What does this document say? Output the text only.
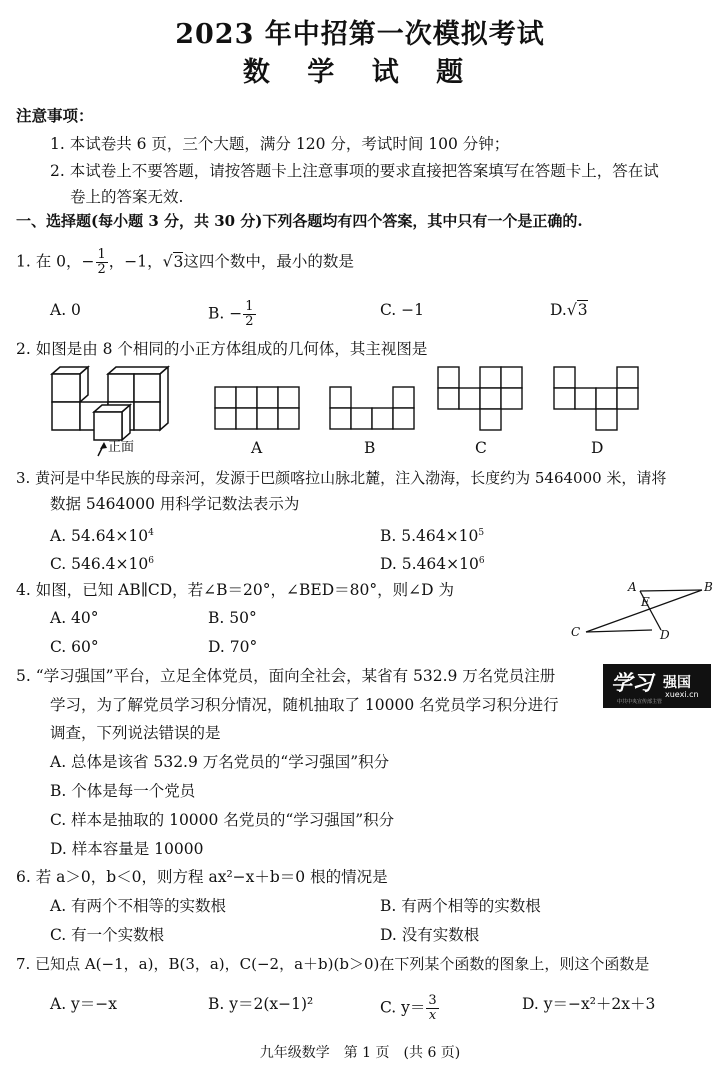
2023 年中招第一次模拟考试
数 学 试 题
注意事项：
1. 本试卷共 6 页，三个大题，满分 120 分，考试时间 100 分钟；
2. 本试卷上不要答题，请按答题卡上注意事项的要求直接把答案填写在答题卡上，答在试
卷上的答案无效.
一、选择题(每小题 3 分，共 30 分)下列各题均有四个答案，其中只有一个是正确的.
1. 在 0，− $\frac{1}{2}$ ，−1，√3这四个数中，最小的数是
A. 0	B. − $\frac{1}{2}$	C. −1	D.√3
2. 如图是由 8 个相同的小正方体组成的几何体，其主视图是
正面	A	B	C	D
3. 黄河是中华民族的母亲河，发源于巴颜喀拉山脉北麓，注入渤海，长度约为 5464000 米，请将
数据 5464000 用科学记数法表示为
A. $54.64\times 10^4$	B. $5.464\times 10^5$
C. $546.4\times 10^6$	D. $5.464\times 10^6$
4. 如图，已知 AB∥CD，若∠B＝20°，∠BED＝80°，则∠D 为
A. 40°	B. 50°
C. 60°	D. 70°
A	B
E
C	D
5. “学习强国”平台，立足全体党员，面向全社会，某省有 532.9 万名党员注册
学习，为了解党员学习积分情况，随机抽取了 10000 名党员学习积分进行
调查，下列说法错误的是
A. 总体是该省 532.9 万名党员的“学习强国”积分
B. 个体是每一个党员
C. 样本是抽取的 10000 名党员的“学习强国”积分
D. 样本容量是 10000
学习 强国
xuexi.cn
中共中央宣传部主管
6. 若 a＞0，b＜0，则方程 ax²−x＋b＝0 根的情况是
A. 有两个不相等的实数根	B. 有两个相等的实数根
C. 有一个实数根	D. 没有实数根
7. 已知点 A(−1，a)，B(3，a)，C(−2，a＋b)(b＞0)在下列某个函数的图象上，则这个函数是
A. y＝−x	B. y＝2(x−1)²	C. $y= \frac{3}{x}$	D. y＝−x²＋2x＋3
九年级数学　第 1 页　(共 6 页)
